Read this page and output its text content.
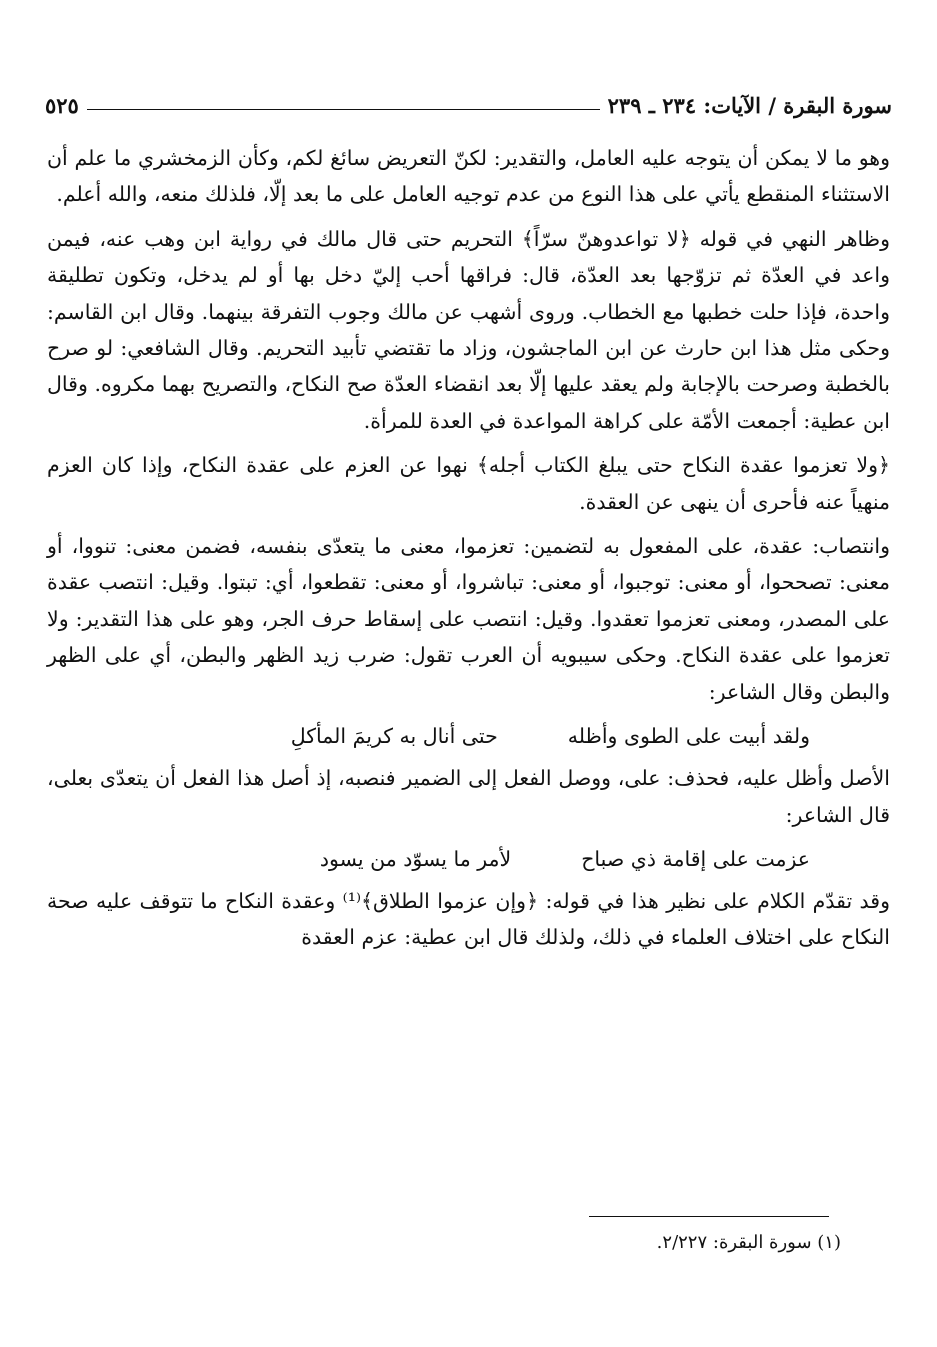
سورة البقرة / الآيات: ٢٣٤ ـ ٢٣٩
٥٢٥

وهو ما لا يمكن أن يتوجه عليه العامل، والتقدير: لكنّ التعريض سائغ لكم، وكأن الزمخشري ما علم أن الاستثناء المنقطع يأتي على هذا النوع من عدم توجيه العامل على ما بعد إلّا، فلذلك منعه، والله أعلم.

وظاهر النهي في قوله ﴿لا تواعدوهنّ سرّاً﴾ التحريم حتى قال مالك في رواية ابن وهب عنه، فيمن واعد في العدّة ثم تزوّجها بعد العدّة، قال: فراقها أحب إليّ دخل بها أو لم يدخل، وتكون تطليقة واحدة، فإذا حلت خطبها مع الخطاب. وروى أشهب عن مالك وجوب التفرقة بينهما. وقال ابن القاسم: وحكى مثل هذا ابن حارث عن ابن الماجشون، وزاد ما تقتضي تأبيد التحريم. وقال الشافعي: لو صرح بالخطبة وصرحت بالإجابة ولم يعقد عليها إلّا بعد انقضاء العدّة صح النكاح، والتصريح بهما مكروه. وقال ابن عطية: أجمعت الأمّة على كراهة المواعدة في العدة للمرأة.

﴿ولا تعزموا عقدة النكاح حتى يبلغ الكتاب أجله﴾ نهوا عن العزم على عقدة النكاح، وإذا كان العزم منهياً عنه فأحرى أن ينهى عن العقدة.

وانتصاب: عقدة، على المفعول به لتضمين: تعزموا، معنى ما يتعدّى بنفسه، فضمن معنى: تنووا، أو معنى: تصححوا، أو معنى: توجبوا، أو معنى: تباشروا، أو معنى: تقطعوا، أي: تبتوا. وقيل: انتصب عقدة على المصدر، ومعنى تعزموا تعقدوا. وقيل: انتصب على إسقاط حرف الجر، وهو على هذا التقدير: ولا تعزموا على عقدة النكاح. وحكى سيبويه أن العرب تقول: ضرب زيد الظهر والبطن، أي على الظهر والبطن وقال الشاعر:

ولقد أبيت على الطوى وأظله
حتى أنال به كريمَ المأكلِ

الأصل وأظل عليه، فحذف: على، ووصل الفعل إلى الضمير فنصبه، إذ أصل هذا الفعل أن يتعدّى بعلى، قال الشاعر:

عزمت على إقامة ذي صباح
لأمر ما يسوّد من يسود

وقد تقدّم الكلام على نظير هذا في قوله: ﴿وإن عزموا الطلاق﴾⁽¹⁾ وعقدة النكاح ما تتوقف عليه صحة النكاح على اختلاف العلماء في ذلك، ولذلك قال ابن عطية: عزم العقدة

(١) سورة البقرة: ٢/٢٢٧.
